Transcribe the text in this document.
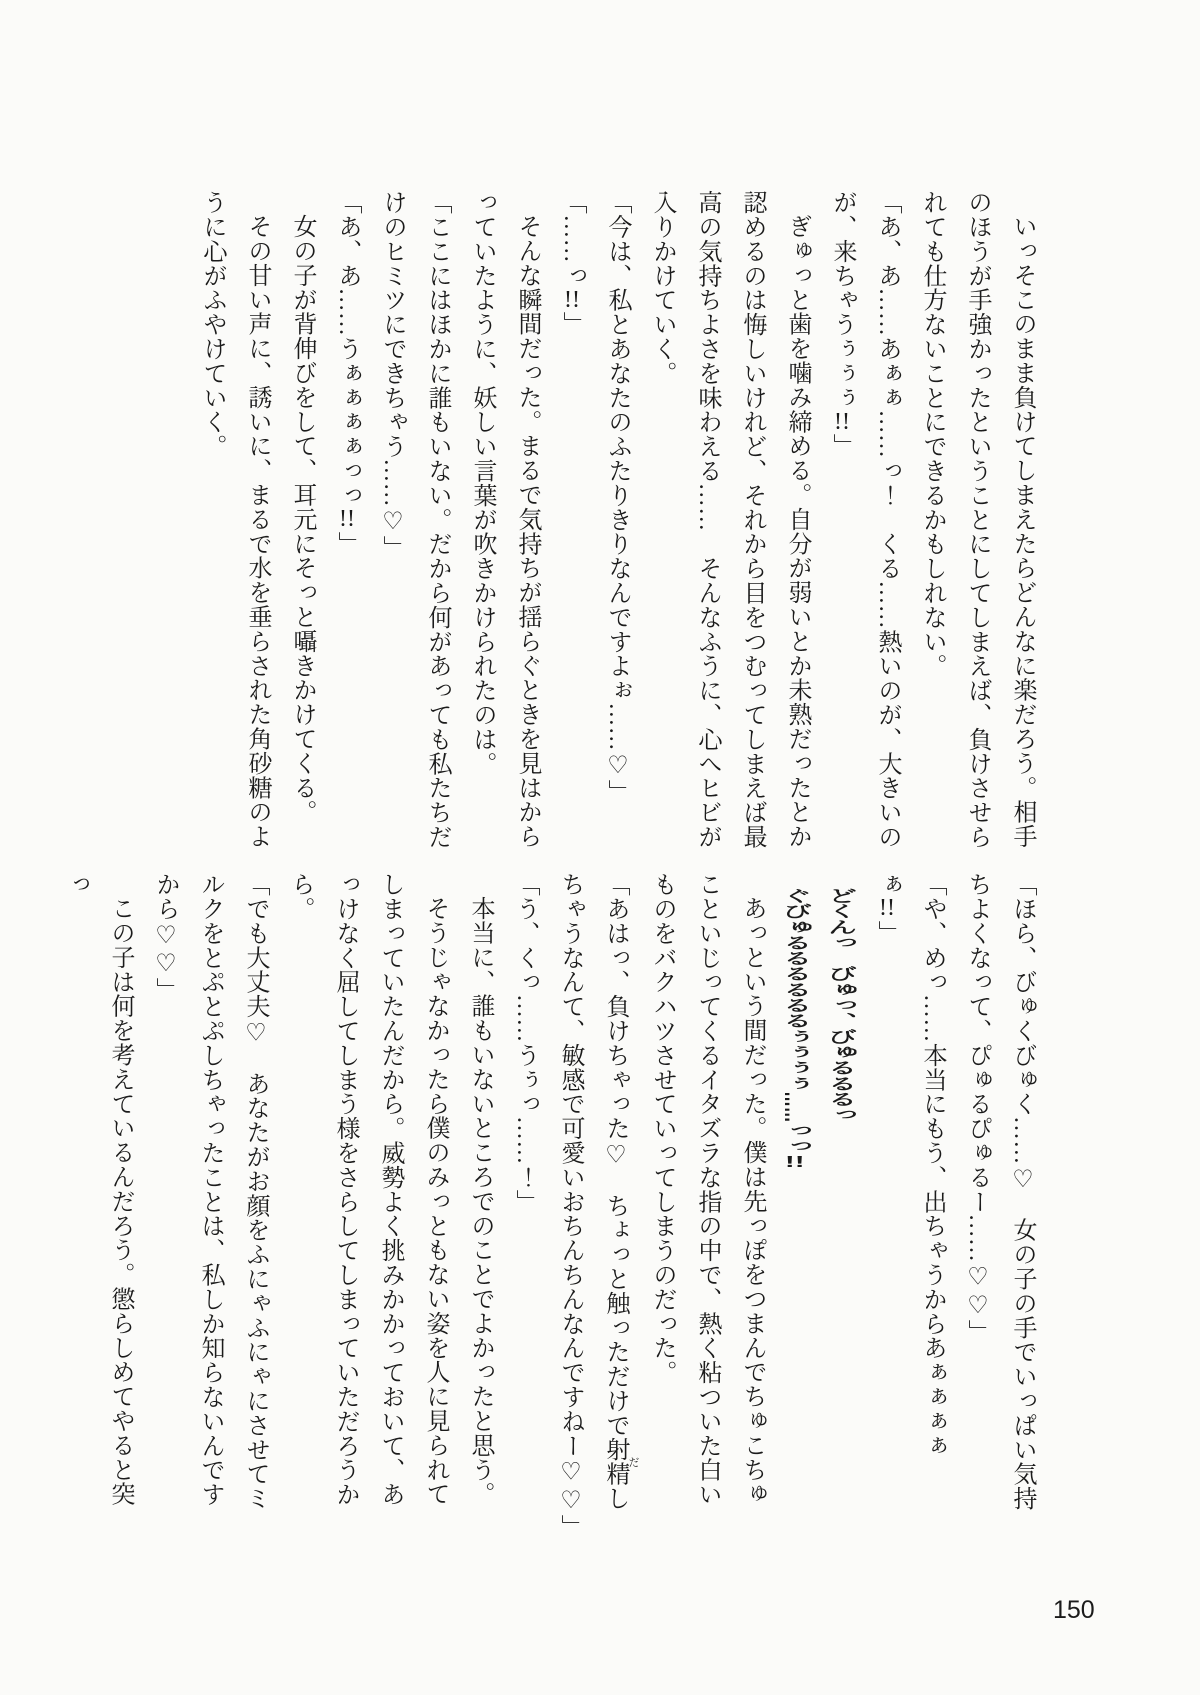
いっそこのまま負けてしまえたらどんなに楽だろう。相手のほうが手強かったということにしてしまえば、負けさせられても仕方ないことにできるかもしれない。

「あ、あ……あぁぁ……っ！　くる……熱いのが、大きいのが、来ちゃうぅぅぅ!!」

ぎゅっと歯を噛み締める。自分が弱いとか未熟だったとか認めるのは悔しいけれど、それから目をつむってしまえば最高の気持ちよさを味わえる……　そんなふうに、心へヒビが入りかけていく。

「今は、私とあなたのふたりきりなんですよぉ……♡」

「……っ!!」

そんな瞬間だった。まるで気持ちが揺らぐときを見はからっていたように、妖しい言葉が吹きかけられたのは。

「ここにはほかに誰もいない。だから何があっても私たちだけのヒミツにできちゃう……♡」

「あ、あ……うぁぁぁぁっっ!!」

女の子が背伸びをして、耳元にそっと囁きかけてくる。

その甘い声に、誘いに、まるで水を垂らされた角砂糖のように心がふやけていく。

「ほら、びゅくびゅく……♡　女の子の手でいっぱい気持ちよくなって、ぴゅるぴゅるー……♡♡」

「や、めっ……本当にもう、出ちゃうからあぁぁぁぁぁ!!」

どくんっ　びゅっ、びゅるるるっ

ぐびゅるるるるるるぅぅぅぅ……っっ!!

あっという間だった。僕は先っぽをつまんでちゅこちゅこといじってくるイタズラな指の中で、熱く粘ついた白いものをバクハツさせていってしまうのだった。

「あはっ、負けちゃった♡　ちょっと触っただけで射精 だしちゃうなんて、敏感で可愛いおちんちんなんですねー♡♡」

「う、くっ……うぅっ……！」

本当に、誰もいないところでのことでよかったと思う。

そうじゃなかったら僕のみっともない姿を人に見られてしまっていたんだから。威勢よく挑みかかっておいて、あっけなく屈してしまう様をさらしてしまっていただろうから。

「でも大丈夫♡　あなたがお顔をふにゃふにゃにさせてミルクをとぷとぷしちゃったことは、私しか知らないんですから♡♡」

この子は何を考えているんだろう。懲らしめてやると突っ

150
